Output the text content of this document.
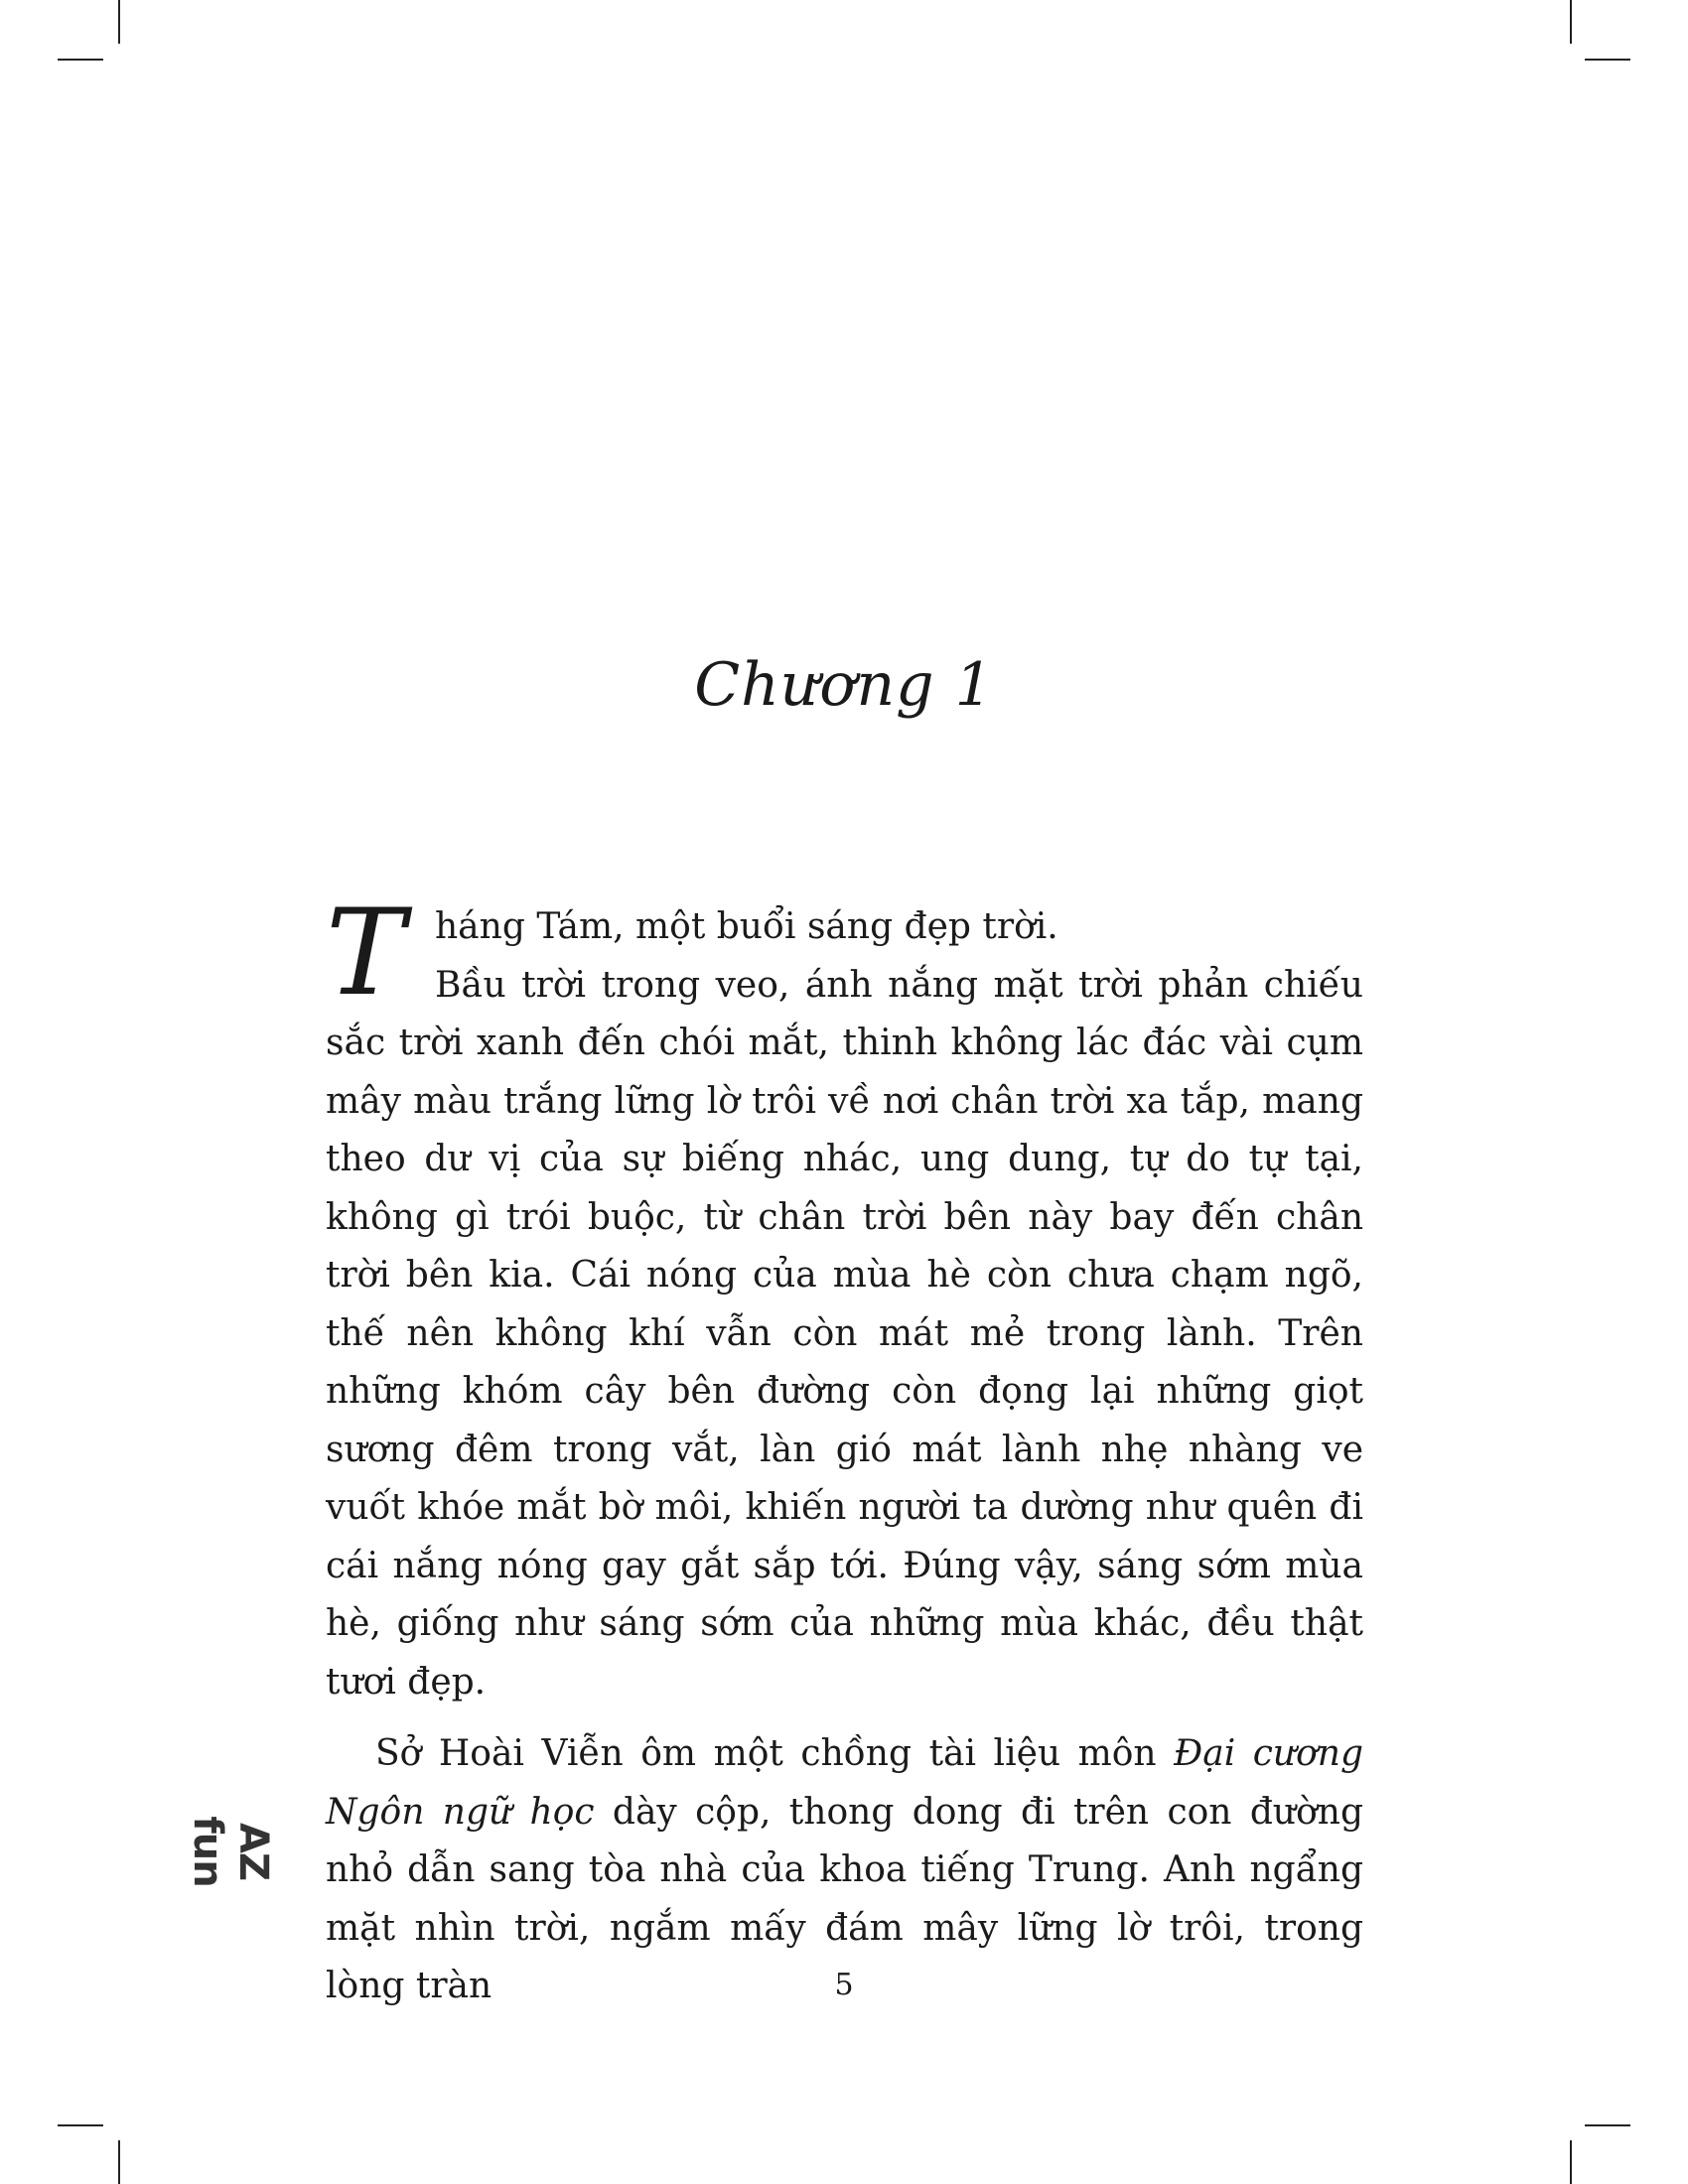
Chương 1
T háng Tám, một buổi sáng đẹp trời.

Bầu trời trong veo, ánh nắng mặt trời phản chiếu sắc trời xanh đến chói mắt, thinh không lác đác vài cụm mây màu trắng lững lờ trôi về nơi chân trời xa tắp, mang theo dư vị của sự biếng nhác, ung dung, tự do tự tại, không gì trói buộc, từ chân trời bên này bay đến chân trời bên kia. Cái nóng của mùa hè còn chưa chạm ngõ, thế nên không khí vẫn còn mát mẻ trong lành. Trên những khóm cây bên đường còn đọng lại những giọt sương đêm trong vắt, làn gió mát lành nhẹ nhàng ve vuốt khóe mắt bờ môi, khiến người ta dường như quên đi cái nắng nóng gay gắt sắp tới. Đúng vậy, sáng sớm mùa hè, giống như sáng sớm của những mùa khác, đều thật tươi đẹp.

Sở Hoài Viễn ôm một chồng tài liệu môn Đại cương Ngôn ngữ học dày cộp, thong dong đi trên con đường nhỏ dẫn sang tòa nhà của khoa tiếng Trung. Anh ngẩng mặt nhìn trời, ngắm mấy đám mây lững lờ trôi, trong lòng tràn

AZ fun
5
